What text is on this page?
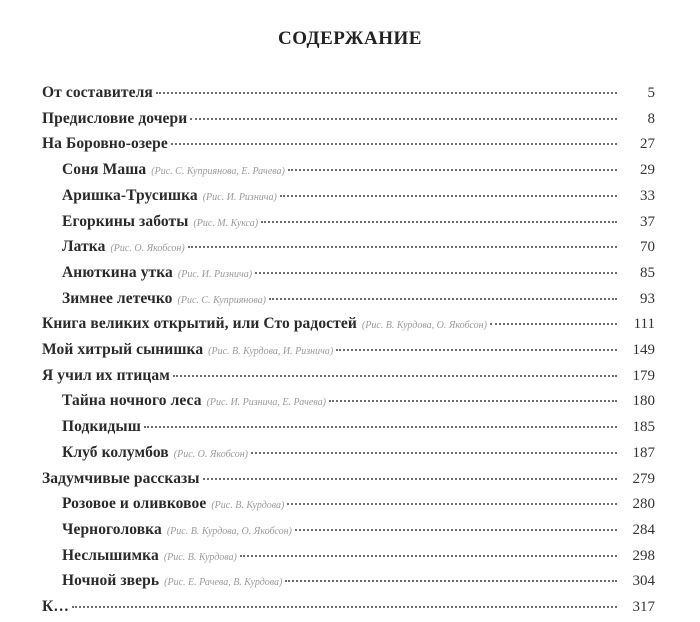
СОДЕРЖАНИЕ
От составителя	5
Предисловие дочери	8
На Боровно-озере	27
Соня Маша (Рис. С. Куприянова, Е. Рачева)	29
Аришка-Трусишка (Рис. И. Ризнича)	33
Егоркины заботы (Рис. М. Кукса)	37
Латка (Рис. О. Якобсон)	70
Анюткина утка (Рис. И. Ризнича)	85
Зимнее летечко (Рис. С. Куприянова)	93
Книга великих открытий, или Сто радостей (Рис. В. Курдова, О. Якобсон)	111
Мой хитрый сынишка (Рис. В. Курдова, И. Ризнича)	149
Я учил их птицам	179
Тайна ночного леса (Рис. И. Ризнича, Е. Рачева)	180
Подкидыш	185
Клуб колумбов (Рис. О. Якобсон)	187
Задумчивые рассказы	279
Розовое и оливковое (Рис. В. Курдова)	280
Черноголовка (Рис. В. Курдова, О. Якобсон)	284
Неслышимка (Рис. В. Курдова)	298
Ночной зверь (Рис. Е. Рачева, В. Курдова)	304
К…	317
